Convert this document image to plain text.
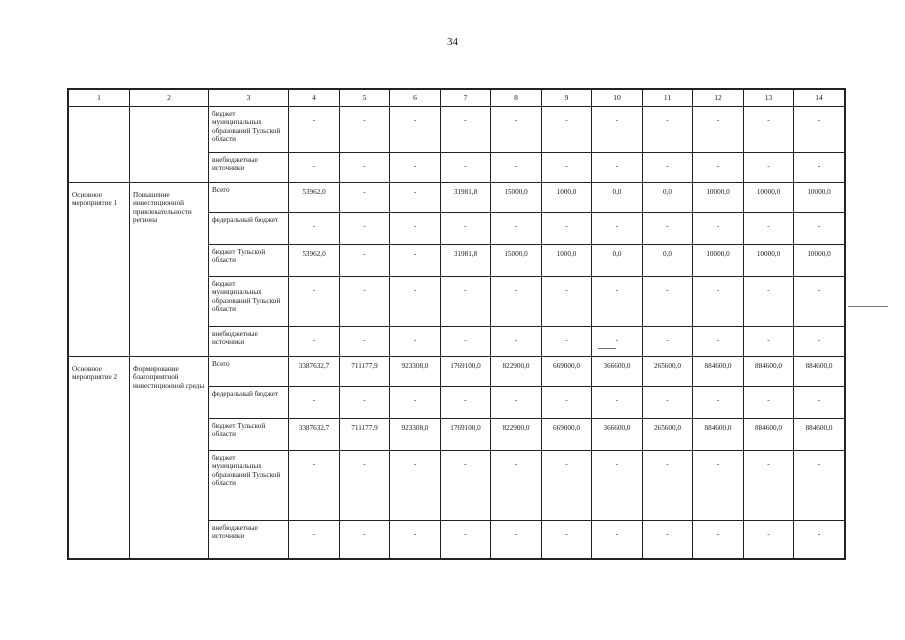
34
1	2	3	4	5	6	7	8	9	10	11	12	13	14
		бюджет муниципальных образований Тульской области	-	-	-	-	-	-	-	-	-	-	-
		внебюджетные источники	-	-	-	-	-	-	-	-	-	-	-
Основное мероприятие 1	Повышение инвестиционной привлекательности региона	Всего	53962,0	-	-	31981,8	15000,0	1000,0	0,0	0,0	10000,0	10000,0	10000,0
		федеральный бюджет	-	-	-	-	-	-	-	-	-	-	-
		бюджет Тульской области	53962,0	-	-	31981,8	15000,0	1000,0	0,0	0,0	10000,0	10000,0	10000,0
		бюджет муниципальных образований Тульской области	-	-	-	-	-	-	-	-	-	-	-
		внебюджетные источники	-	-	-	-	-	-	-	-	-	-	-
Основное мероприятие 2	Формирование благоприятной инвестиционной среды	Всего	3387632,7	711177,9	923308,0	1769100,0	822900,0	669000,0	366600,0	265600,0	884600,0	884600,0	884600,0
		федеральный бюджет	-	-	-	-	-	-	-	-	-	-	-
		бюджет Тульской области	3387632,7	711177,9	923308,0	1769100,0	822900,0	669000,0	366600,0	265600,0	884600,0	884600,0	884600,0
		бюджет муниципальных образований Тульской области	-	-	-	-	-	-	-	-	-	-	-
		внебюджетные источники	-	-	-	-	-	-	-	-	-	-	-
